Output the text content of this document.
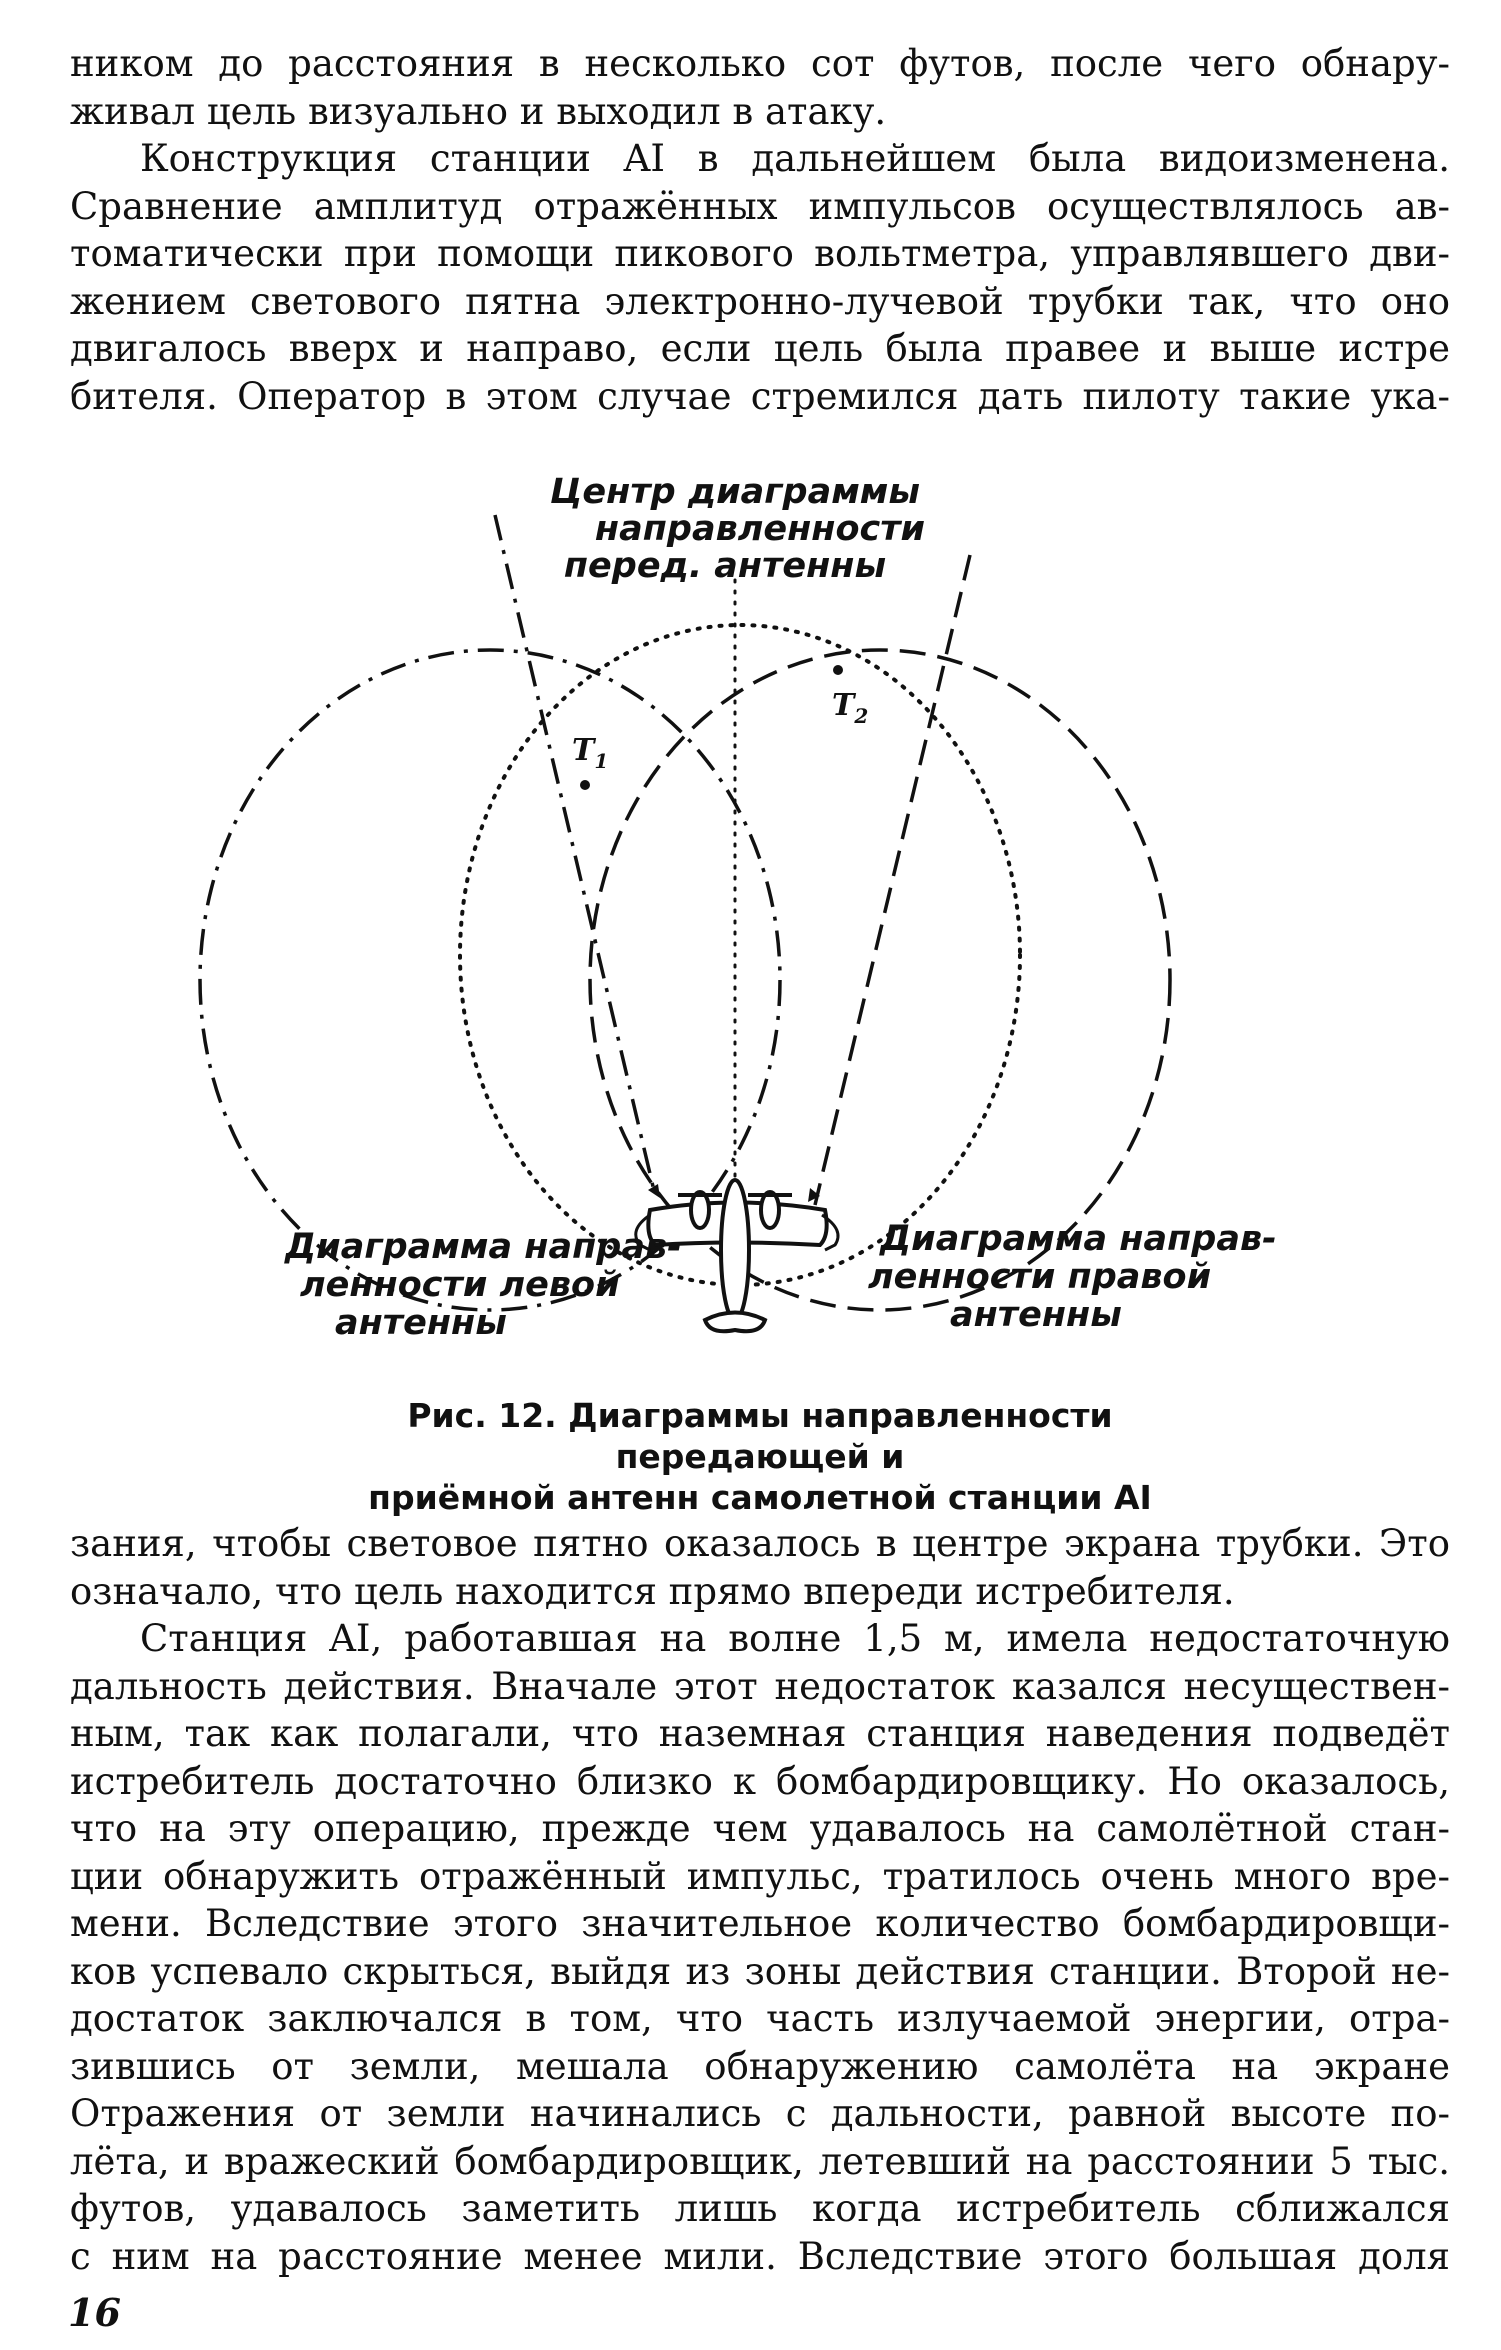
ником до расстояния в несколько сот футов, после чего обнару-
живал цель визуально и выходил в атаку.
Конструкция станции AI в дальнейшем была видоизменена.
Сравнение амплитуд отражённых импульсов осуществлялось ав-
томатически при помощи пикового вольтметра, управлявшего дви-
жением светового пятна электронно-лучевой трубки так, что оно
двигалось вверх и направо, если цель была правее и выше истре
бителя. Оператор в этом случае стремился дать пилоту такие ука-
$T_1$
$T_2$
Центр диаграммы
направленности
перед. антенны
Диаграмма направ-
ленности левой
антенны
Диаграмма направ-
ленности правой
антенны

Рис. 12. Диаграммы направленности передающей и
приёмной антенн самолетной станции AI

зания, чтобы световое пятно оказалось в центре экрана трубки. Это
означало, что цель находится прямо впереди истребителя.
Станция AI, работавшая на волне 1,5 м, имела недостаточную
дальность действия. Вначале этот недостаток казался несуществен-
ным, так как полагали, что наземная станция наведения подведёт
истребитель достаточно близко к бомбардировщику. Но оказалось,
что на эту операцию, прежде чем удавалось на самолётной стан-
ции обнаружить отражённый импульс, тратилось очень много вре-
мени. Вследствие этого значительное количество бомбардировщи-
ков успевало скрыться, выйдя из зоны действия станции. Второй не-
достаток заключался в том, что часть излучаемой энергии, отра-
зившись от земли, мешала обнаружению самолёта на экране
Отражения от земли начинались с дальности, равной высоте по-
лёта, и вражеский бомбардировщик, летевший на расстоянии 5 тыс.
футов, удавалось заметить лишь когда истребитель сближался
с ним на расстояние менее мили. Вследствие этого большая доля
16
